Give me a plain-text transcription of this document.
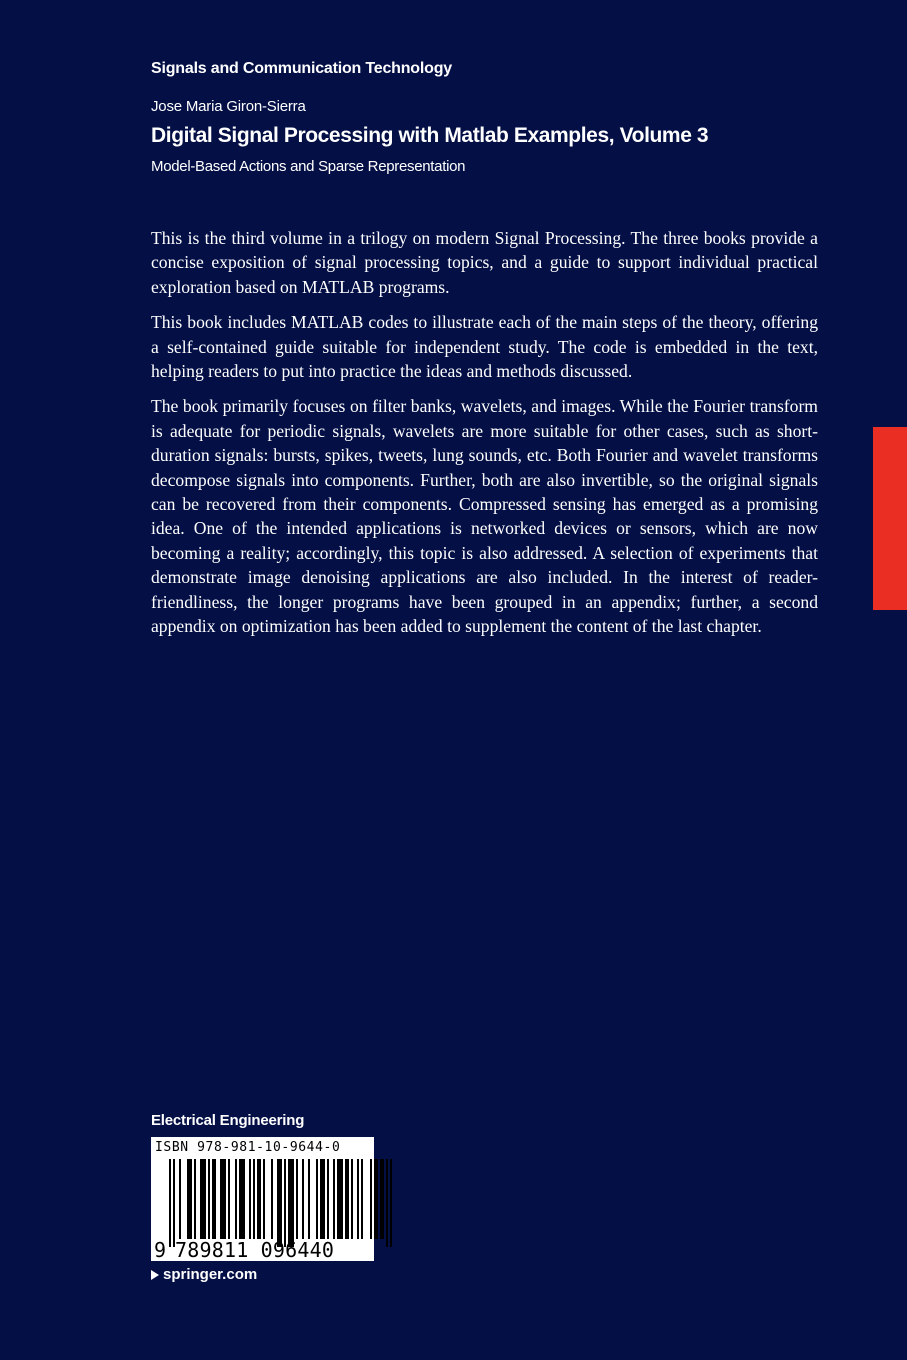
Signals and Communication Technology
Jose Maria Giron-Sierra
Digital Signal Processing with Matlab Examples, Volume 3
Model-Based Actions and Sparse Representation

This is the third volume in a trilogy on modern Signal Processing. The three books provide a concise exposition of signal processing topics, and a guide to support individual practical exploration based on MATLAB programs.

This book includes MATLAB codes to illustrate each of the main steps of the theory, offering a self-contained guide suitable for independent study. The code is embedded in the text, helping readers to put into practice the ideas and methods discussed.

The book primarily focuses on filter banks, wavelets, and images. While the Fourier transform is adequate for periodic signals, wavelets are more suitable for other cases, such as short-duration signals: bursts, spikes, tweets, lung sounds, etc. Both Fourier and wavelet transforms decompose signals into components. Further, both are also invertible, so the original signals can be recovered from their components. Compressed sensing has emerged as a promising idea. One of the intended applications is networked devices or sensors, which are now becoming a reality; accordingly, this topic is also addressed. A selection of experiments that demonstrate image denoising applications are also included. In the interest of reader-friendliness, the longer programs have been grouped in an appendix; further, a second appendix on optimization has been added to supplement the content of the last chapter.

Electrical Engineering
ISBN 978-981-10-9644-0
9 789811 096440
springer.com
